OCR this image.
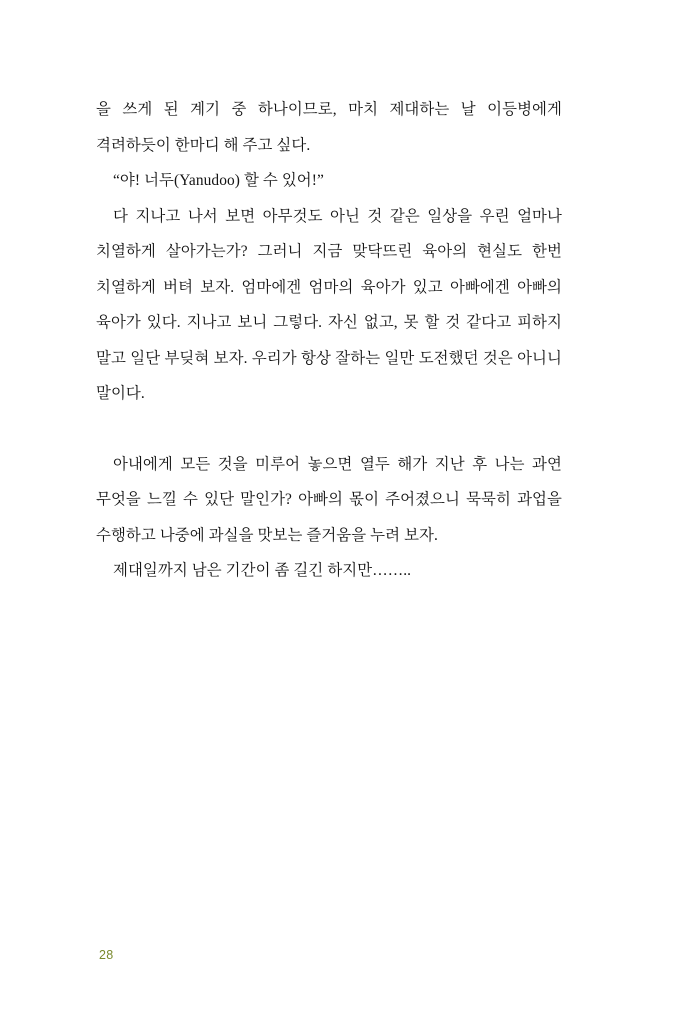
을 쓰게 된 계기 중 하나이므로, 마치 제대하는 날 이등병에게 격려하듯이 한마디 해 주고 싶다.

“야! 너두(Yanudoo) 할 수 있어!”

다 지나고 나서 보면 아무것도 아닌 것 같은 일상을 우린 얼마나 치열하게 살아가는가? 그러니 지금 맞닥뜨린 육아의 현실도 한번 치열하게 버텨 보자. 엄마에겐 엄마의 육아가 있고 아빠에겐 아빠의 육아가 있다. 지나고 보니 그렇다. 자신 없고, 못 할 것 같다고 피하지 말고 일단 부딪혀 보자. 우리가 항상 잘하는 일만 도전했던 것은 아니니 말이다.

아내에게 모든 것을 미루어 놓으면 열두 해가 지난 후 나는 과연 무엇을 느낄 수 있단 말인가? 아빠의 몫이 주어졌으니 묵묵히 과업을 수행하고 나중에 과실을 맛보는 즐거움을 누려 보자.

제대일까지 남은 기간이 좀 길긴 하지만……..

28
